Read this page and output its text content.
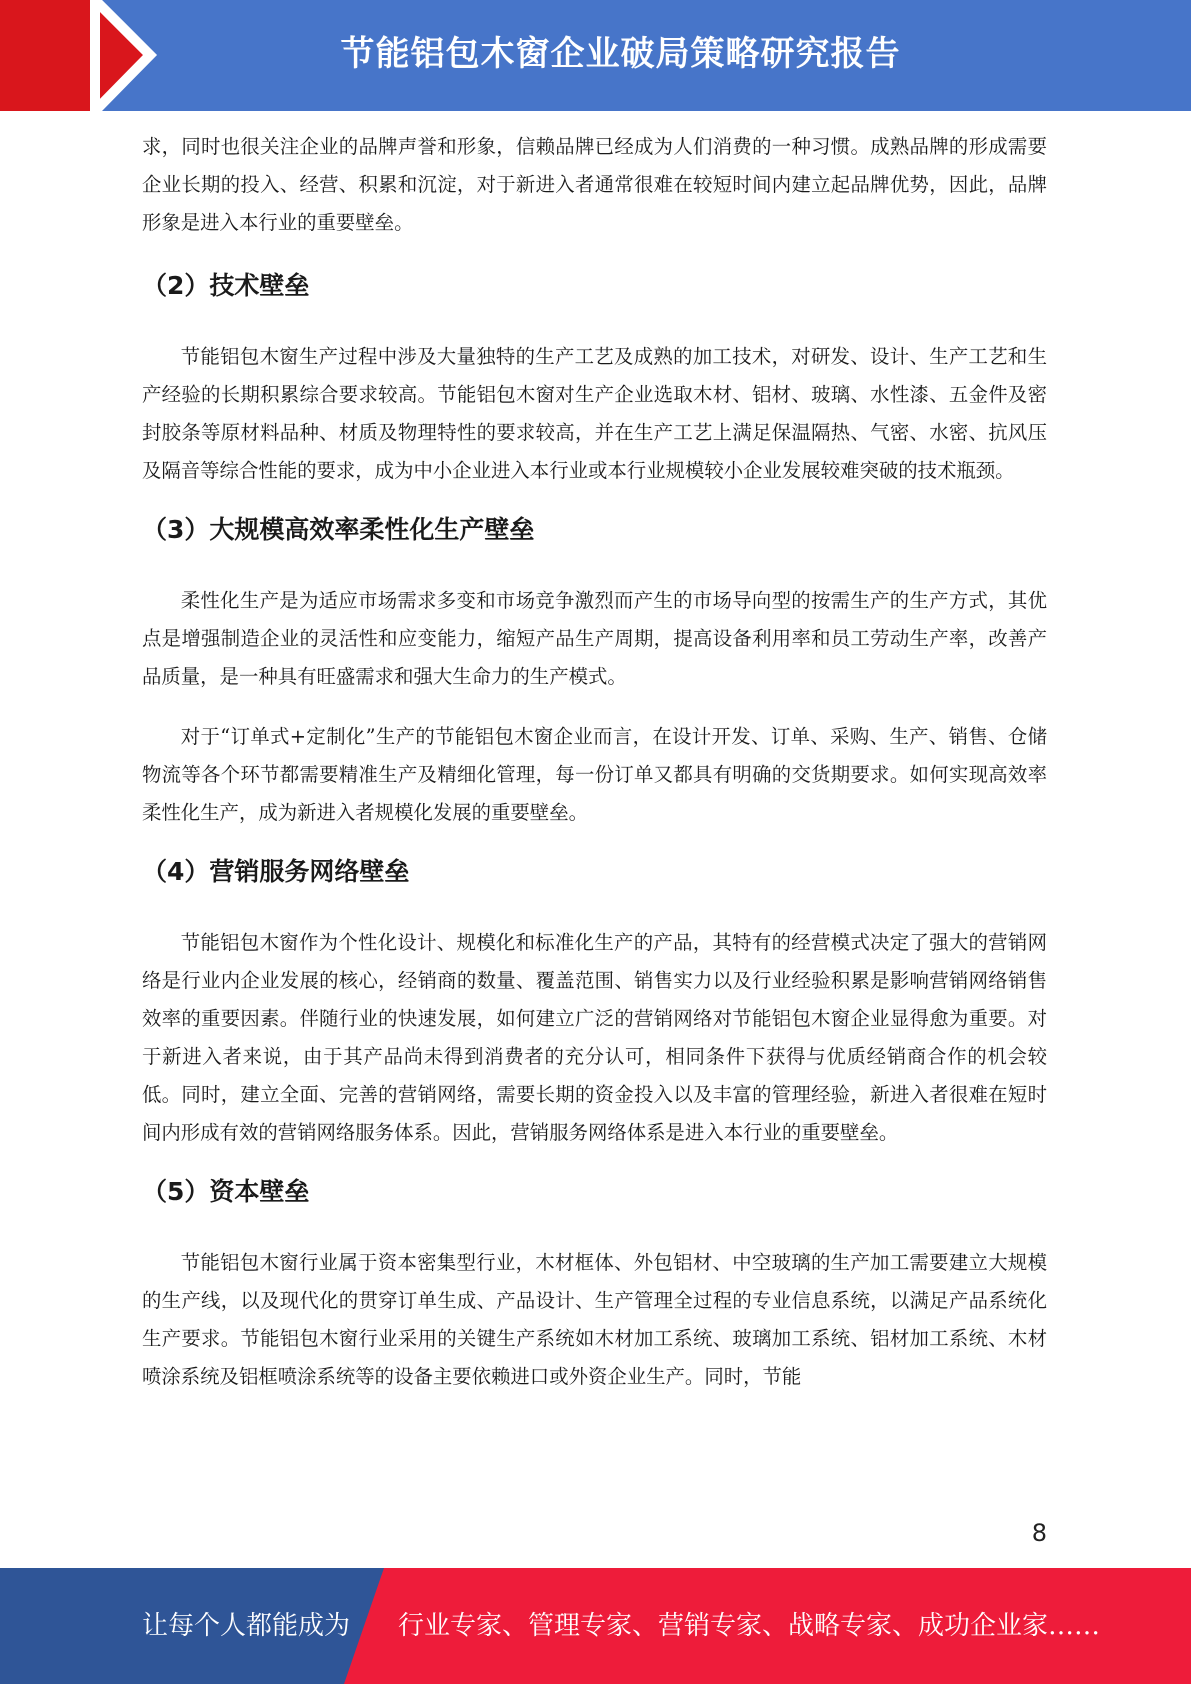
节能铝包木窗企业破局策略研究报告

求，同时也很关注企业的品牌声誉和形象，信赖品牌已经成为人们消费的一种习惯。成熟品牌的形成需要企业长期的投入、经营、积累和沉淀，对于新进入者通常很难在较短时间内建立起品牌优势，因此，品牌形象是进入本行业的重要壁垒。

（2）技术壁垒

节能铝包木窗生产过程中涉及大量独特的生产工艺及成熟的加工技术，对研发、设计、生产工艺和生产经验的长期积累综合要求较高。节能铝包木窗对生产企业选取木材、铝材、玻璃、水性漆、五金件及密封胶条等原材料品种、材质及物理特性的要求较高，并在生产工艺上满足保温隔热、气密、水密、抗风压及隔音等综合性能的要求，成为中小企业进入本行业或本行业规模较小企业发展较难突破的技术瓶颈。

（3）大规模高效率柔性化生产壁垒

柔性化生产是为适应市场需求多变和市场竞争激烈而产生的市场导向型的按需生产的生产方式，其优点是增强制造企业的灵活性和应变能力，缩短产品生产周期，提高设备利用率和员工劳动生产率，改善产品质量，是一种具有旺盛需求和强大生命力的生产模式。

对于“订单式+定制化”生产的节能铝包木窗企业而言，在设计开发、订单、采购、生产、销售、仓储物流等各个环节都需要精准生产及精细化管理，每一份订单又都具有明确的交货期要求。如何实现高效率柔性化生产，成为新进入者规模化发展的重要壁垒。

（4）营销服务网络壁垒

节能铝包木窗作为个性化设计、规模化和标准化生产的产品，其特有的经营模式决定了强大的营销网络是行业内企业发展的核心，经销商的数量、覆盖范围、销售实力以及行业经验积累是影响营销网络销售效率的重要因素。伴随行业的快速发展，如何建立广泛的营销网络对节能铝包木窗企业显得愈为重要。对于新进入者来说，由于其产品尚未得到消费者的充分认可，相同条件下获得与优质经销商合作的机会较低。同时，建立全面、完善的营销网络，需要长期的资金投入以及丰富的管理经验，新进入者很难在短时间内形成有效的营销网络服务体系。因此，营销服务网络体系是进入本行业的重要壁垒。

（5）资本壁垒

节能铝包木窗行业属于资本密集型行业，木材框体、外包铝材、中空玻璃的生产加工需要建立大规模的生产线，以及现代化的贯穿订单生成、产品设计、生产管理全过程的专业信息系统，以满足产品系统化生产要求。节能铝包木窗行业采用的关键生产系统如木材加工系统、玻璃加工系统、铝材加工系统、木材喷涂系统及铝框喷涂系统等的设备主要依赖进口或外资企业生产。同时，节能

8
让每个人都能成为 行业专家、管理专家、营销专家、战略专家、成功企业家……
